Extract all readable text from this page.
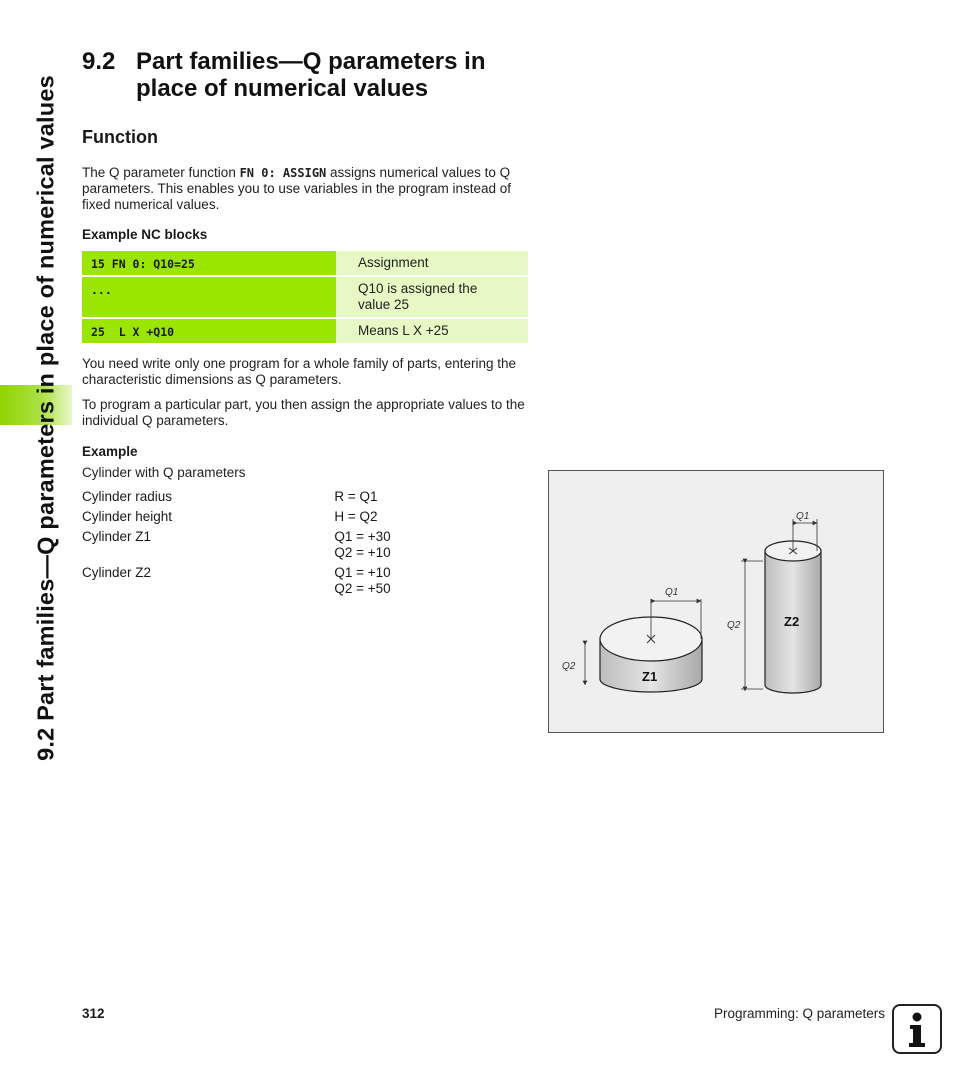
9.2 Part families—Q parameters in place of numerical values
9.2 Part families—Q parameters in
place of numerical values
Function

The Q parameter function FN 0: ASSIGN assigns numerical values to Q parameters. This enables you to use variables in the program instead of fixed numerical values.

Example NC blocks
15 FN 0: Q10=25	Assignment
...	Q10 is assigned the value 25
25  L X +Q10	Means L X +25

You need write only one program for a whole family of parts, entering the characteristic dimensions as Q parameters.

To program a particular part, you then assign the appropriate values to the individual Q parameters.

Example

Cylinder with Q parameters

Cylinder radius	R = Q1
Cylinder height	H = Q2
Cylinder Z1	Q1 = +30
Q2 = +10
Cylinder Z2	Q1 = +10
Q2 = +50	Q1
Q2
Q1
Q2
Z1
Z2
312	Programming: Q parameters
